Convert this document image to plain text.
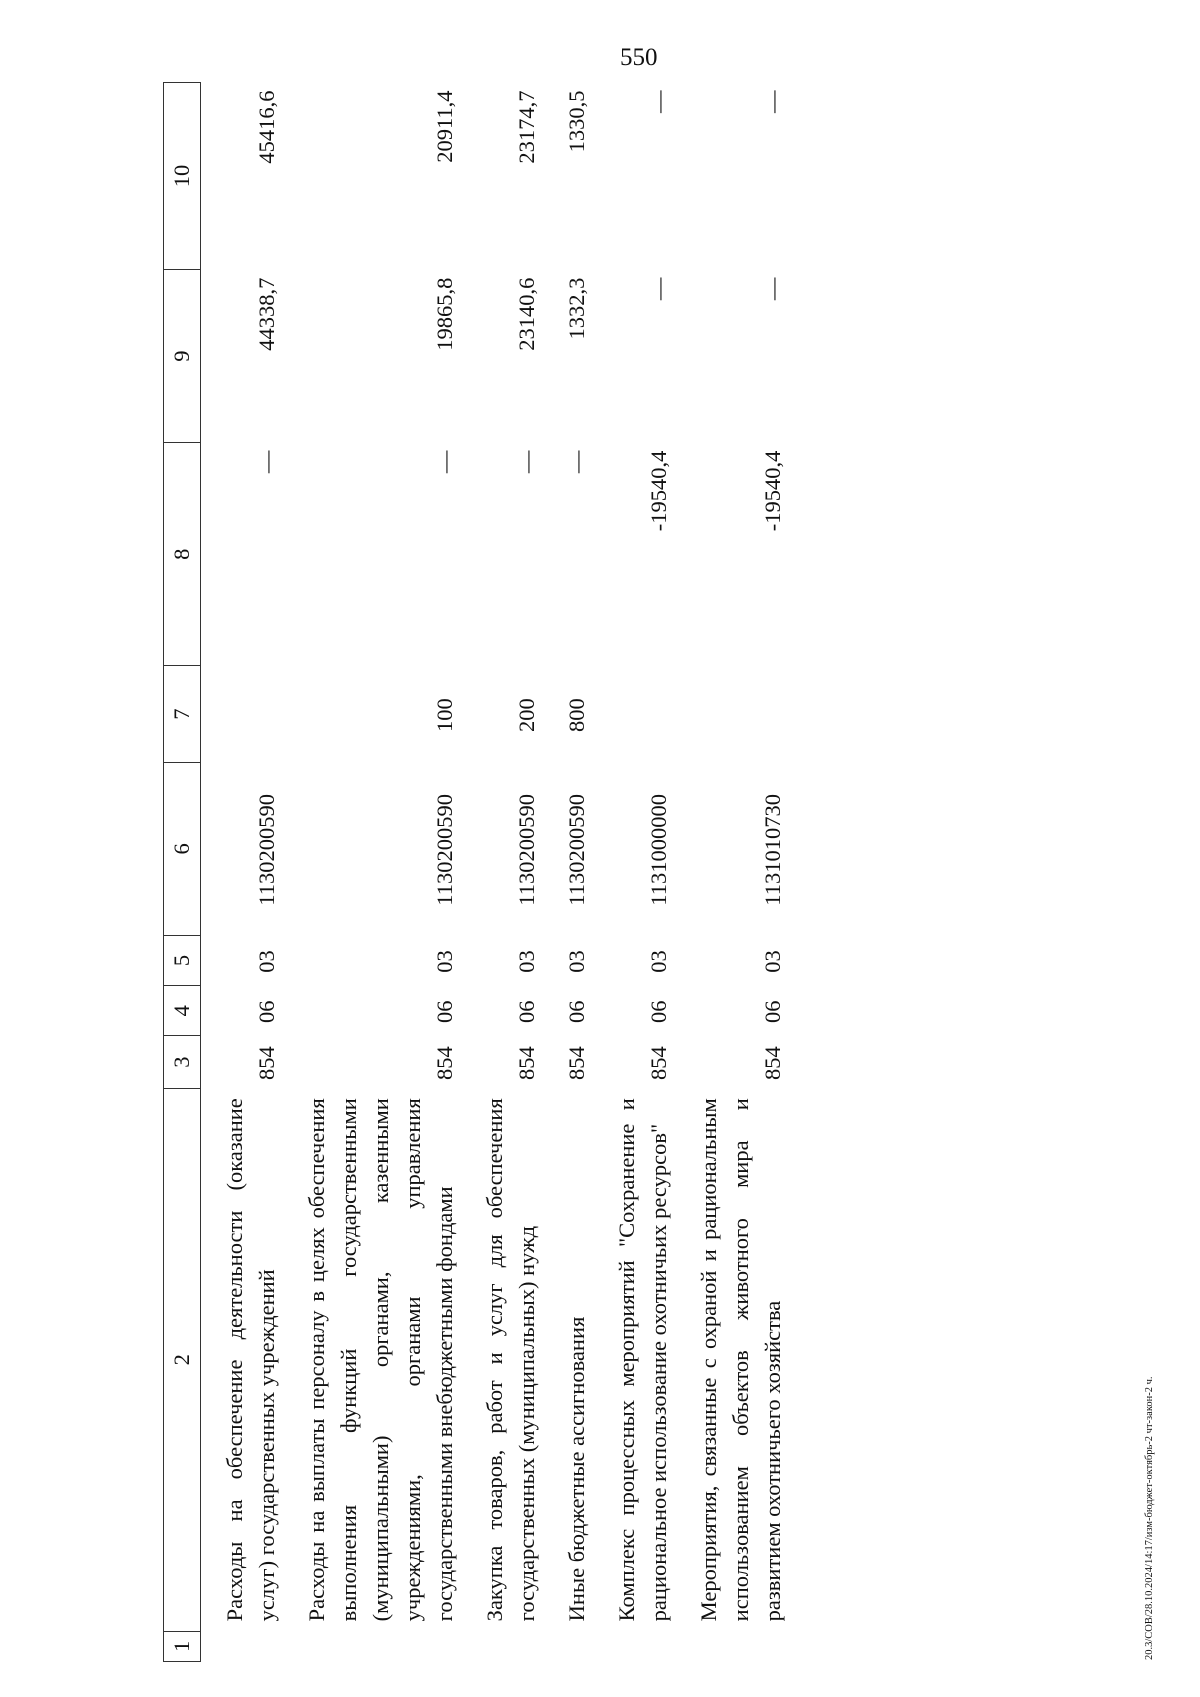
550
1	2	3	4	5	6	7	8	9	10
	Расходы на обеспечение деятельности (оказание услуг) государственных учреждений	854	06	03	1130200590		—	44338,7	45416,6
	Расходы на выплаты персоналу в целях обеспечения выполнения функций государственными (муниципальными) органами, казенными учреждениями, органами управления государственными внебюджетными фондами	854	06	03	1130200590	100	—	19865,8	20911,4
	Закупка товаров, работ и услуг для обеспечения государственных (муниципальных) нужд	854	06	03	1130200590	200	—	23140,6	23174,7
	Иные бюджетные ассигнования	854	06	03	1130200590	800	—	1332,3	1330,5
	Комплекс процессных мероприятий "Сохранение и рациональное использование охотничьих ресурсов"	854	06	03	1131000000		-19540,4	—	—
	Мероприятия, связанные с охраной и рациональным использованием объектов животного мира и развитием охотничьего хозяйства	854	06	03	1131010730		-19540,4	—	—
20.3/СОВ/28.10.2024/14:17/изм-бюджет-октябрь-2 чт-закон-2 ч.
